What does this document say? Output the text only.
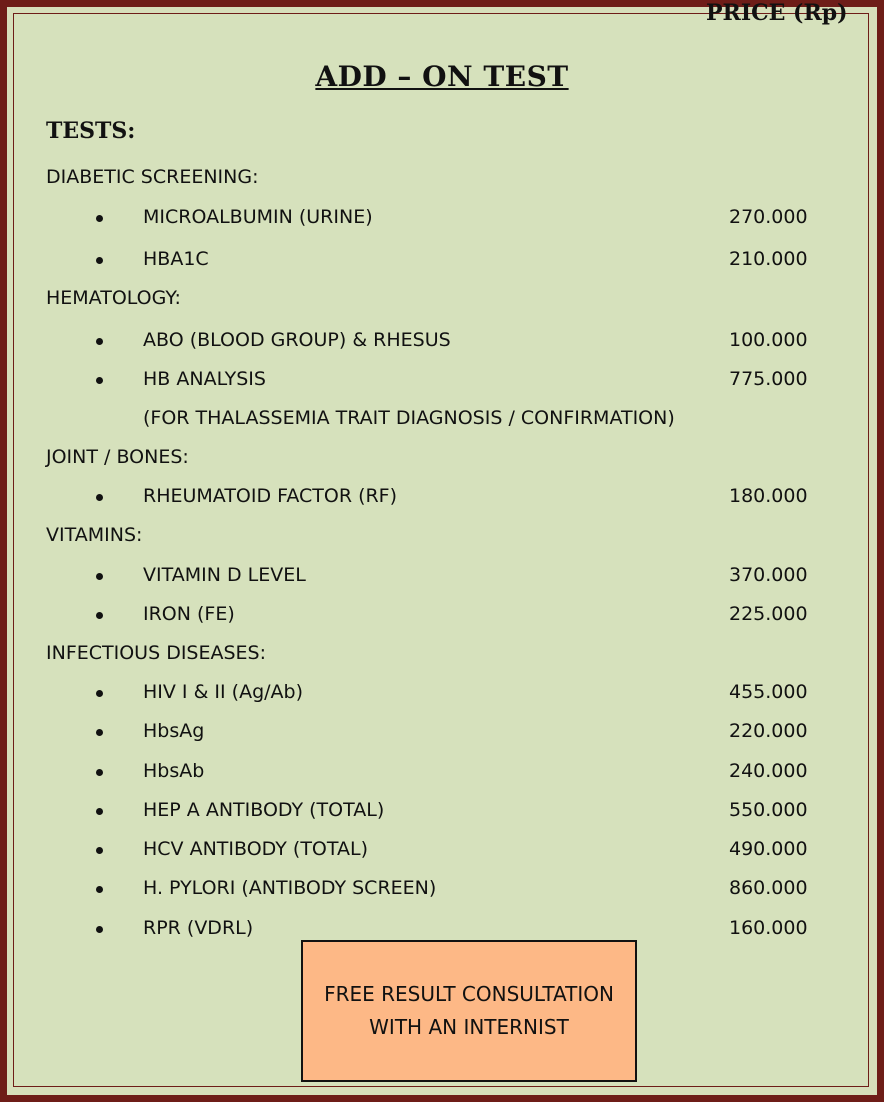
ADD – ON TEST
TESTS:
PRICE (Rp)
DIABETIC SCREENING:
MICROALBUMIN (URINE)	270.000
HBA1C	210.000
HEMATOLOGY:
ABO (BLOOD GROUP) & RHESUS	100.000
HB ANALYSIS	775.000
(FOR THALASSEMIA TRAIT DIAGNOSIS / CONFIRMATION)
JOINT / BONES:
RHEUMATOID FACTOR (RF)	180.000
VITAMINS:
VITAMIN D LEVEL	370.000
IRON (FE)	225.000
INFECTIOUS DISEASES:
HIV I & II (Ag/Ab)	455.000
HbsAg	220.000
HbsAb	240.000
HEP A ANTIBODY (TOTAL)	550.000
HCV ANTIBODY (TOTAL)	490.000
H. PYLORI (ANTIBODY SCREEN)	860.000
RPR (VDRL)	160.000
FREE RESULT CONSULTATION WITH AN INTERNIST
